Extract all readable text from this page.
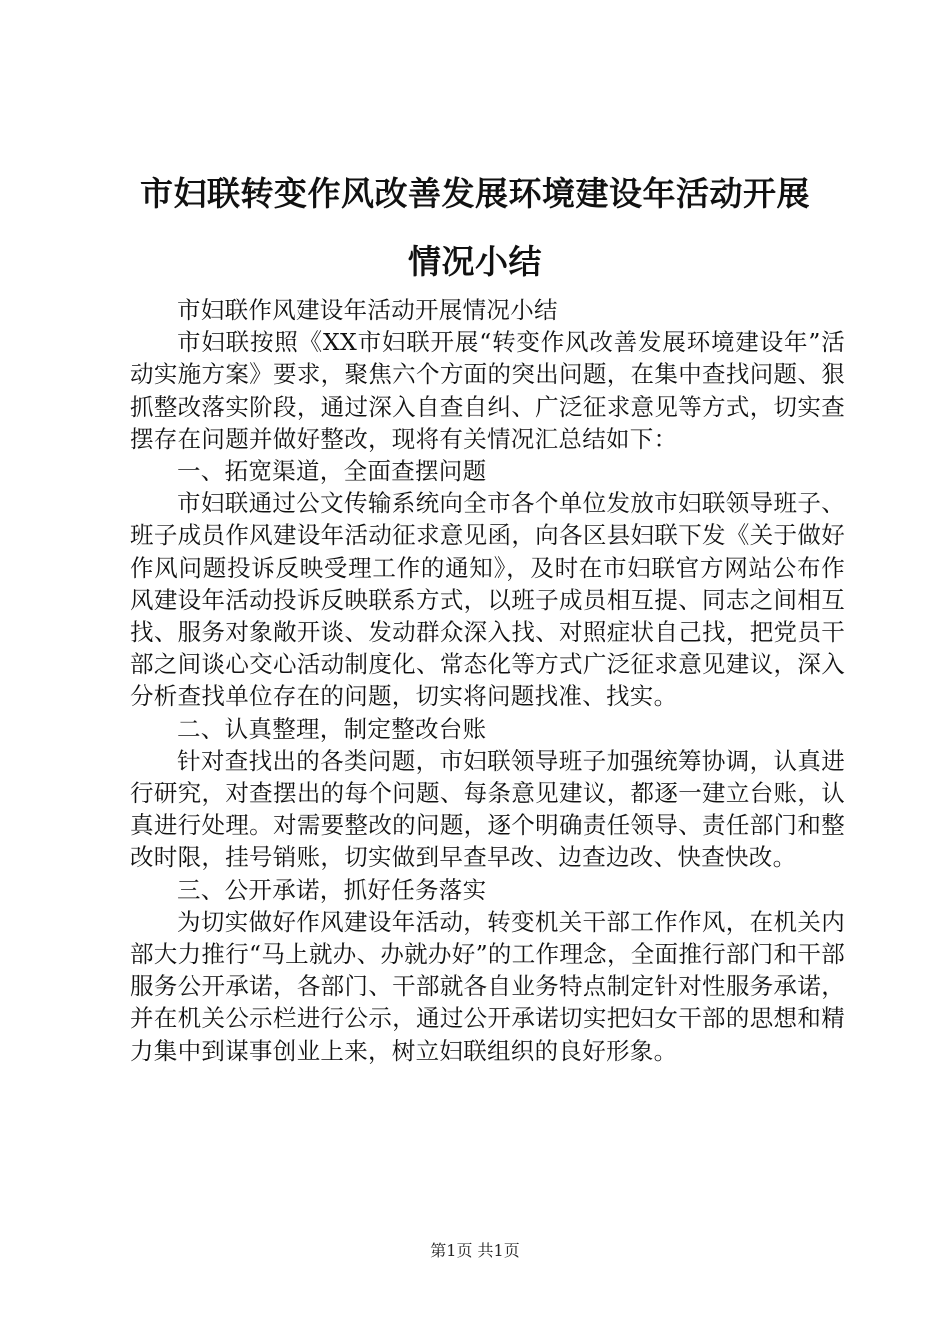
市妇联转变作风改善发展环境建设年活动开展
情况小结

市妇联作风建设年活动开展情况小结

市妇联按照《XX市妇联开展“转变作风改善发展环境建设年”活动实施方案》要求，聚焦六个方面的突出问题，在集中查找问题、狠抓整改落实阶段，通过深入自查自纠、广泛征求意见等方式，切实查摆存在问题并做好整改，现将有关情况汇总结如下：

一、拓宽渠道，全面查摆问题

市妇联通过公文传输系统向全市各个单位发放市妇联领导班子、班子成员作风建设年活动征求意见函，向各区县妇联下发《关于做好作风问题投诉反映受理工作的通知》，及时在市妇联官方网站公布作风建设年活动投诉反映联系方式，以班子成员相互提、同志之间相互找、服务对象敞开谈、发动群众深入找、对照症状自己找，把党员干部之间谈心交心活动制度化、常态化等方式广泛征求意见建议，深入分析查找单位存在的问题，切实将问题找准、找实。

二、认真整理，制定整改台账

针对查找出的各类问题，市妇联领导班子加强统筹协调，认真进行研究，对查摆出的每个问题、每条意见建议，都逐一建立台账，认真进行处理。对需要整改的问题，逐个明确责任领导、责任部门和整改时限，挂号销账，切实做到早查早改、边查边改、快查快改。

三、公开承诺，抓好任务落实

为切实做好作风建设年活动，转变机关干部工作作风，在机关内部大力推行“马上就办、办就办好”的工作理念，全面推行部门和干部服务公开承诺，各部门、干部就各自业务特点制定针对性服务承诺，并在机关公示栏进行公示，通过公开承诺切实把妇女干部的思想和精力集中到谋事创业上来，树立妇联组织的良好形象。

第1页 共1页
